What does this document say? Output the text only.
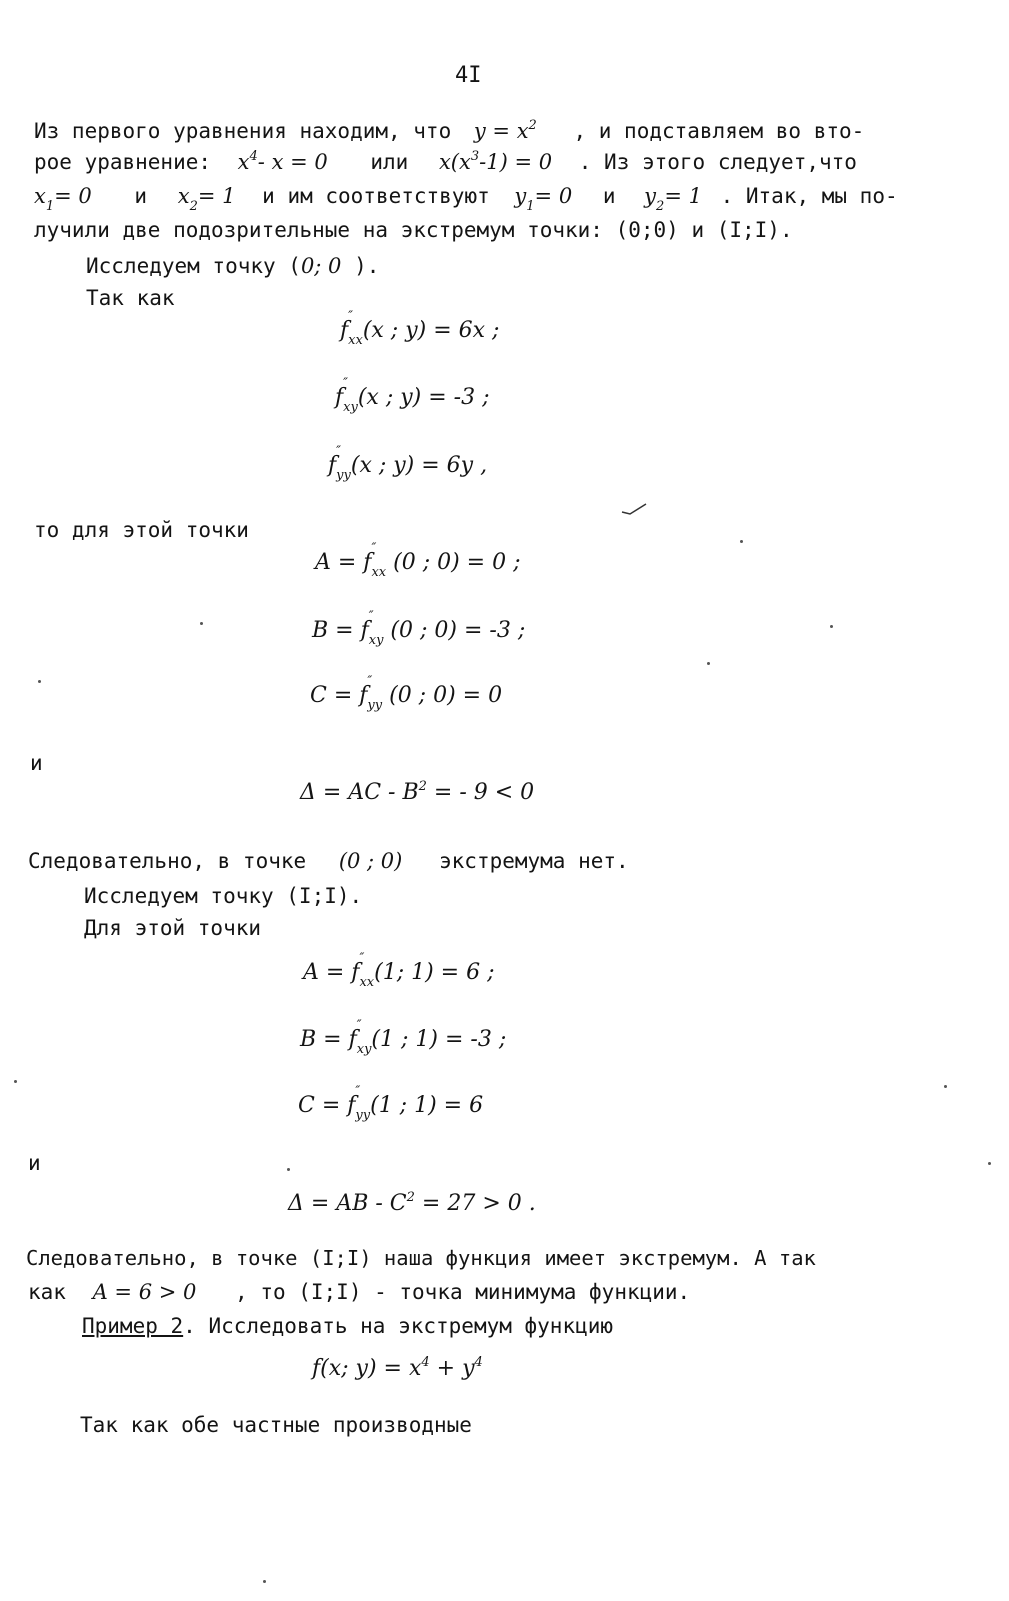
4I
Из первого уравнения находим, что $y = x^2$ , и подставляем во вто-
рое уравнение: $x^4-$ x = 0 или $x(x^3-1) = 0$ . Из этого следует,что
$x_1= 0$ и $x_2= 1$ и им соответствуют $y_1= 0$ и $y_2= 1$ . Итак, мы по-
лучили две подозрительные на экстремум точки: (0;0) и (I;I).
Исследуем точку (0; 0 ).
Так как
f
″
$_{xx}$(x ; y) = 6x ;
f
″
$_{xy}$(x ; y) = -3 ;
f
″
$_{yy}$(x ; y) = 6y ,
то для этой точки
A = f
″
$_{xx}$ (0 ; 0) = 0 ;
B = f
″
$_{xy}$ (0 ; 0) = -3 ;
C = f
″
$_{yy}$ (0 ; 0) = 0
и
Δ = AC - $B^2$ = - 9 < 0
Следовательно, в точке (0 ; 0) экстремума нет.
Исследуем точку (I;I).
Для этой точки
A = f
″
$_{xx}$(1; 1) = 6 ;
B = f
″
$_{xy}$(1 ; 1) = -3 ;
C = f
″
$_{yy}$(1 ; 1) = 6
и
Δ = AB - $C^2 = 27 > 0$ .
Следовательно, в точке (I;I) наша функция имеет экстремум. А так
как A = 6 > 0 , то (I;I) - точка минимума функции.
Пример 2. Исследовать на экстремум функцию
f(x; $y) = x^4 + y^4$
Так как обе частные производные
